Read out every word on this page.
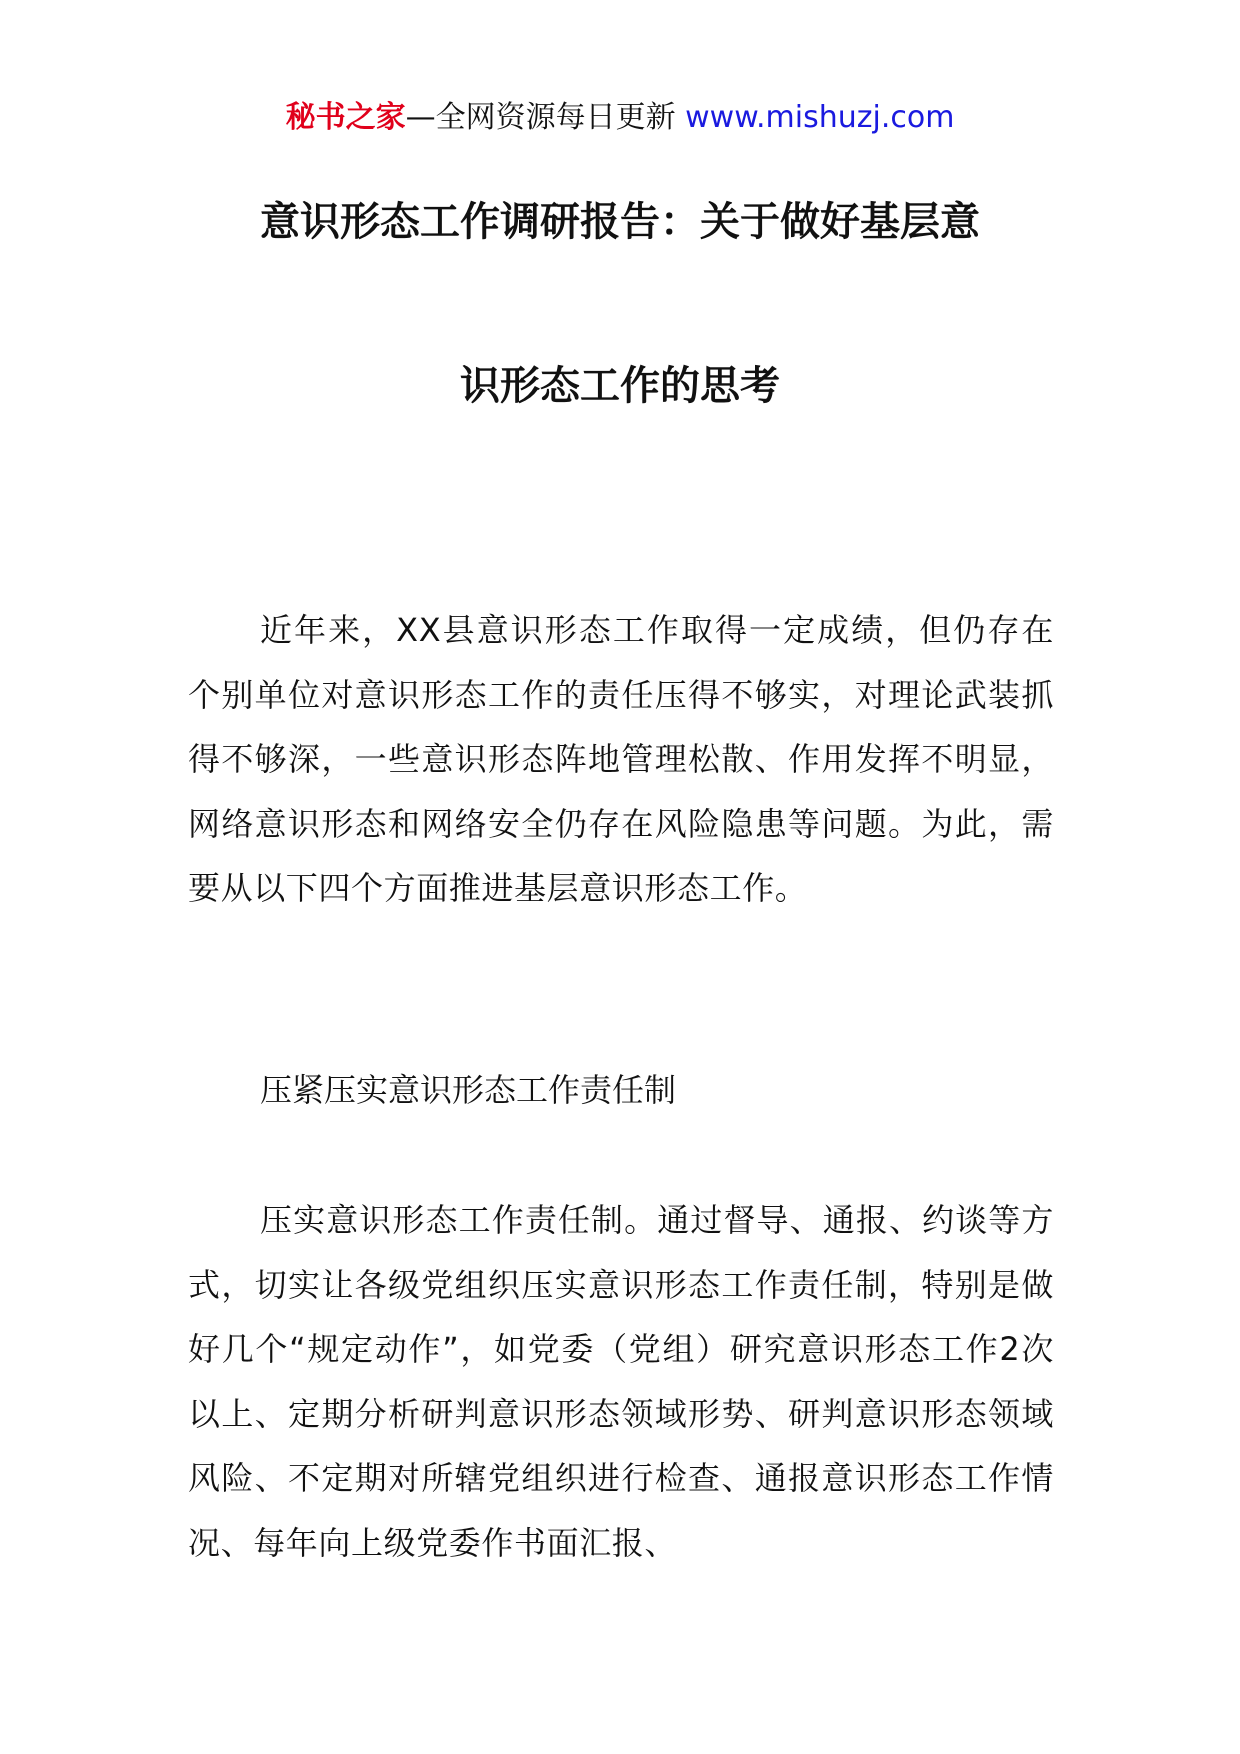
秘书之家—全网资源每日更新 www.mishuzj.com
意识形态工作调研报告：关于做好基层意
识形态工作的思考
近年来，XX县意识形态工作取得一定成绩，但仍存在个别单位对意识形态工作的责任压得不够实，对理论武装抓得不够深，一些意识形态阵地管理松散、作用发挥不明显，网络意识形态和网络安全仍存在风险隐患等问题。为此，需要从以下四个方面推进基层意识形态工作。
压紧压实意识形态工作责任制
压实意识形态工作责任制。通过督导、通报、约谈等方式，切实让各级党组织压实意识形态工作责任制，特别是做好几个“规定动作”，如党委（党组）研究意识形态工作2次以上、定期分析研判意识形态领域形势、研判意识形态领域风险、不定期对所辖党组织进行检查、通报意识形态工作情况、每年向上级党委作书面汇报、
